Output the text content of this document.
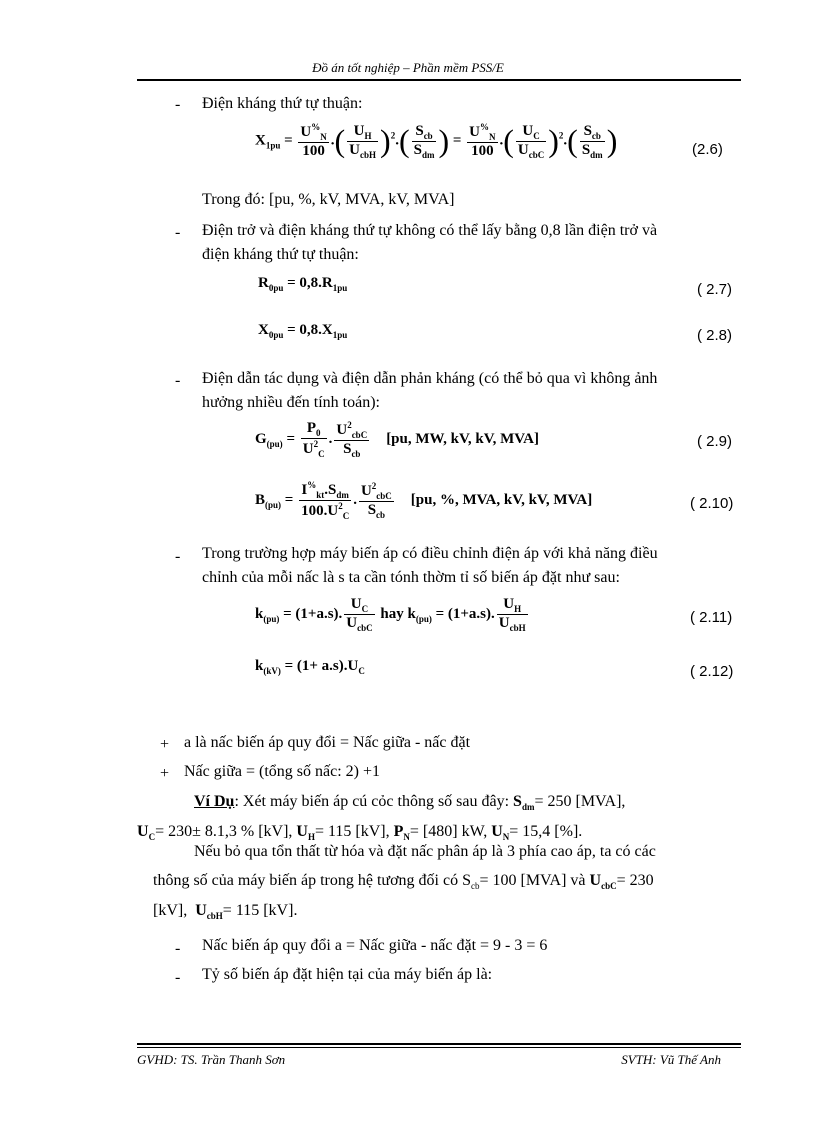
Đồ án tốt nghiệp – Phần mềm PSS/E
GVHD: TS. Trần Thanh Sơn	SVTH: Vũ Thế Anh
- Điện kháng thứ tự thuận:
$X_{1pu} = \frac{U^{\%}_N}{100}$ .( $\frac{U_H}{U_{cbH}} )^2.( \frac{S_{cb}}{S_{dm}}$ ) = $\frac{U^{\%}_N}{100}$ .( $\frac{U_C}{U_{cbC}} )^2.( \frac{S_{cb}}{S_{dm}}$ )	(2.6)
Trong đó: [pu, %, kV, MVA, kV, MVA]
- Điện trở và điện kháng thứ tự không có thể lấy bằng 0,8 lần điện trở và
điện kháng thứ tự thuận:
$R_{0pu} = 0,8.R_{1pu}$	( 2.7)
$X_{0pu} = 0,8.X_{1pu}$	( 2.8)
- Điện dẫn tác dụng và điện dẫn phản kháng (có thể bỏ qua vì không ảnh
hưởng nhiều đến tính toán):
$G_{(pu)} = \frac{P_0}{U^2_C}$ . $\frac{U^2_{cbC}}{S_{cb}} [pu$, MW, kV, kV, MVA]	( 2.9)
$B_{(pu)} = \frac{I^{\%}_{kt}.S_{dm}}{100.U^2_C}$ . $\frac{U^2_{cbC}}{S_{cb}} [pu$, %, MVA, kV, kV, MVA]	( 2.10)
- Trong trường hợp máy biến áp có điều chỉnh điện áp với khả năng điều
chỉnh của mỗi nấc là s ta cần tónh thờm tỉ số biến áp đặt như sau:
$k_{(pu)} = (1+a.s)$. $\frac{U_C}{U_{cbC}}$ hay $k_{(pu)} = (1+a.s)$. $\frac{U_H}{U_{cbH}}$	( 2.11)
$k_{(kV)} = (1+ a.s).U_C$	( 2.12)
+ a là nấc biến áp quy đổi = Nấc giữa - nấc đặt
+ Nấc giữa = (tổng số nấc: 2) +1
Ví Dụ: Xét máy biến áp cú cỏc thông số sau đây: $S_{dm}= 250$ [MVA],
$U_C= 230\pm 8.1,3$ % [kV], $U_H= 115$ [kV], $P_N= [480]$ kW, $U_N= 15,4$ [%].
Nếu bỏ qua tổn thất từ hóa và đặt nấc phân áp là 3 phía cao áp, ta có các
thông số của máy biến áp trong hệ tương đối có $S_{cb}= 100$ [MVA] và $U_{cbC}= 230$
[kV], $U_{cbH}= 115$ [kV].
- Nấc biến áp quy đổi a = Nấc giữa - nấc đặt = 9 - 3 = 6
- Tỷ số biến áp đặt hiện tại của máy biến áp là:
